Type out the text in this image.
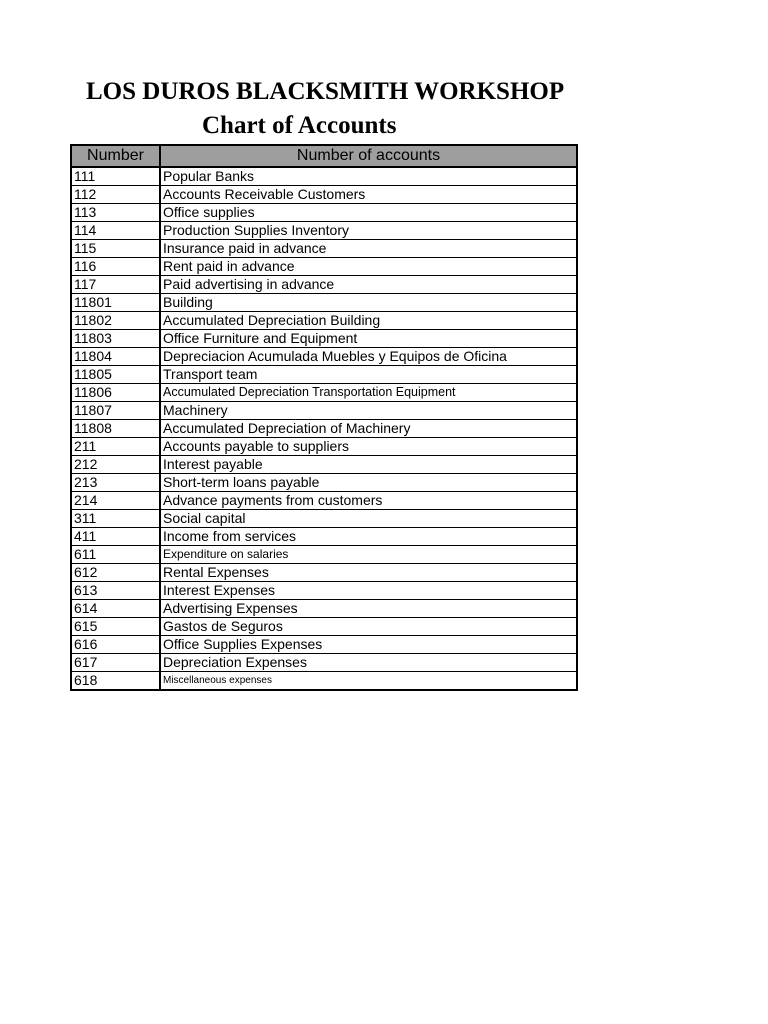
LOS DUROS BLACKSMITH WORKSHOP
Chart of Accounts
Number	Number of accounts
111	Popular Banks
112	Accounts Receivable Customers
113	Office supplies
114	Production Supplies Inventory
115	Insurance paid in advance
116	Rent paid in advance
117	Paid advertising in advance
11801	Building
11802	Accumulated Depreciation Building
11803	Office Furniture and Equipment
11804	Depreciacion Acumulada Muebles y Equipos de Oficina
11805	Transport team
11806	Accumulated Depreciation Transportation Equipment
11807	Machinery
11808	Accumulated Depreciation of Machinery
211	Accounts payable to suppliers
212	Interest payable
213	Short-term loans payable
214	Advance payments from customers
311	Social capital
411	Income from services
611	Expenditure on salaries
612	Rental Expenses
613	Interest Expenses
614	Advertising Expenses
615	Gastos de Seguros
616	Office Supplies Expenses
617	Depreciation Expenses
618	Miscellaneous expenses
